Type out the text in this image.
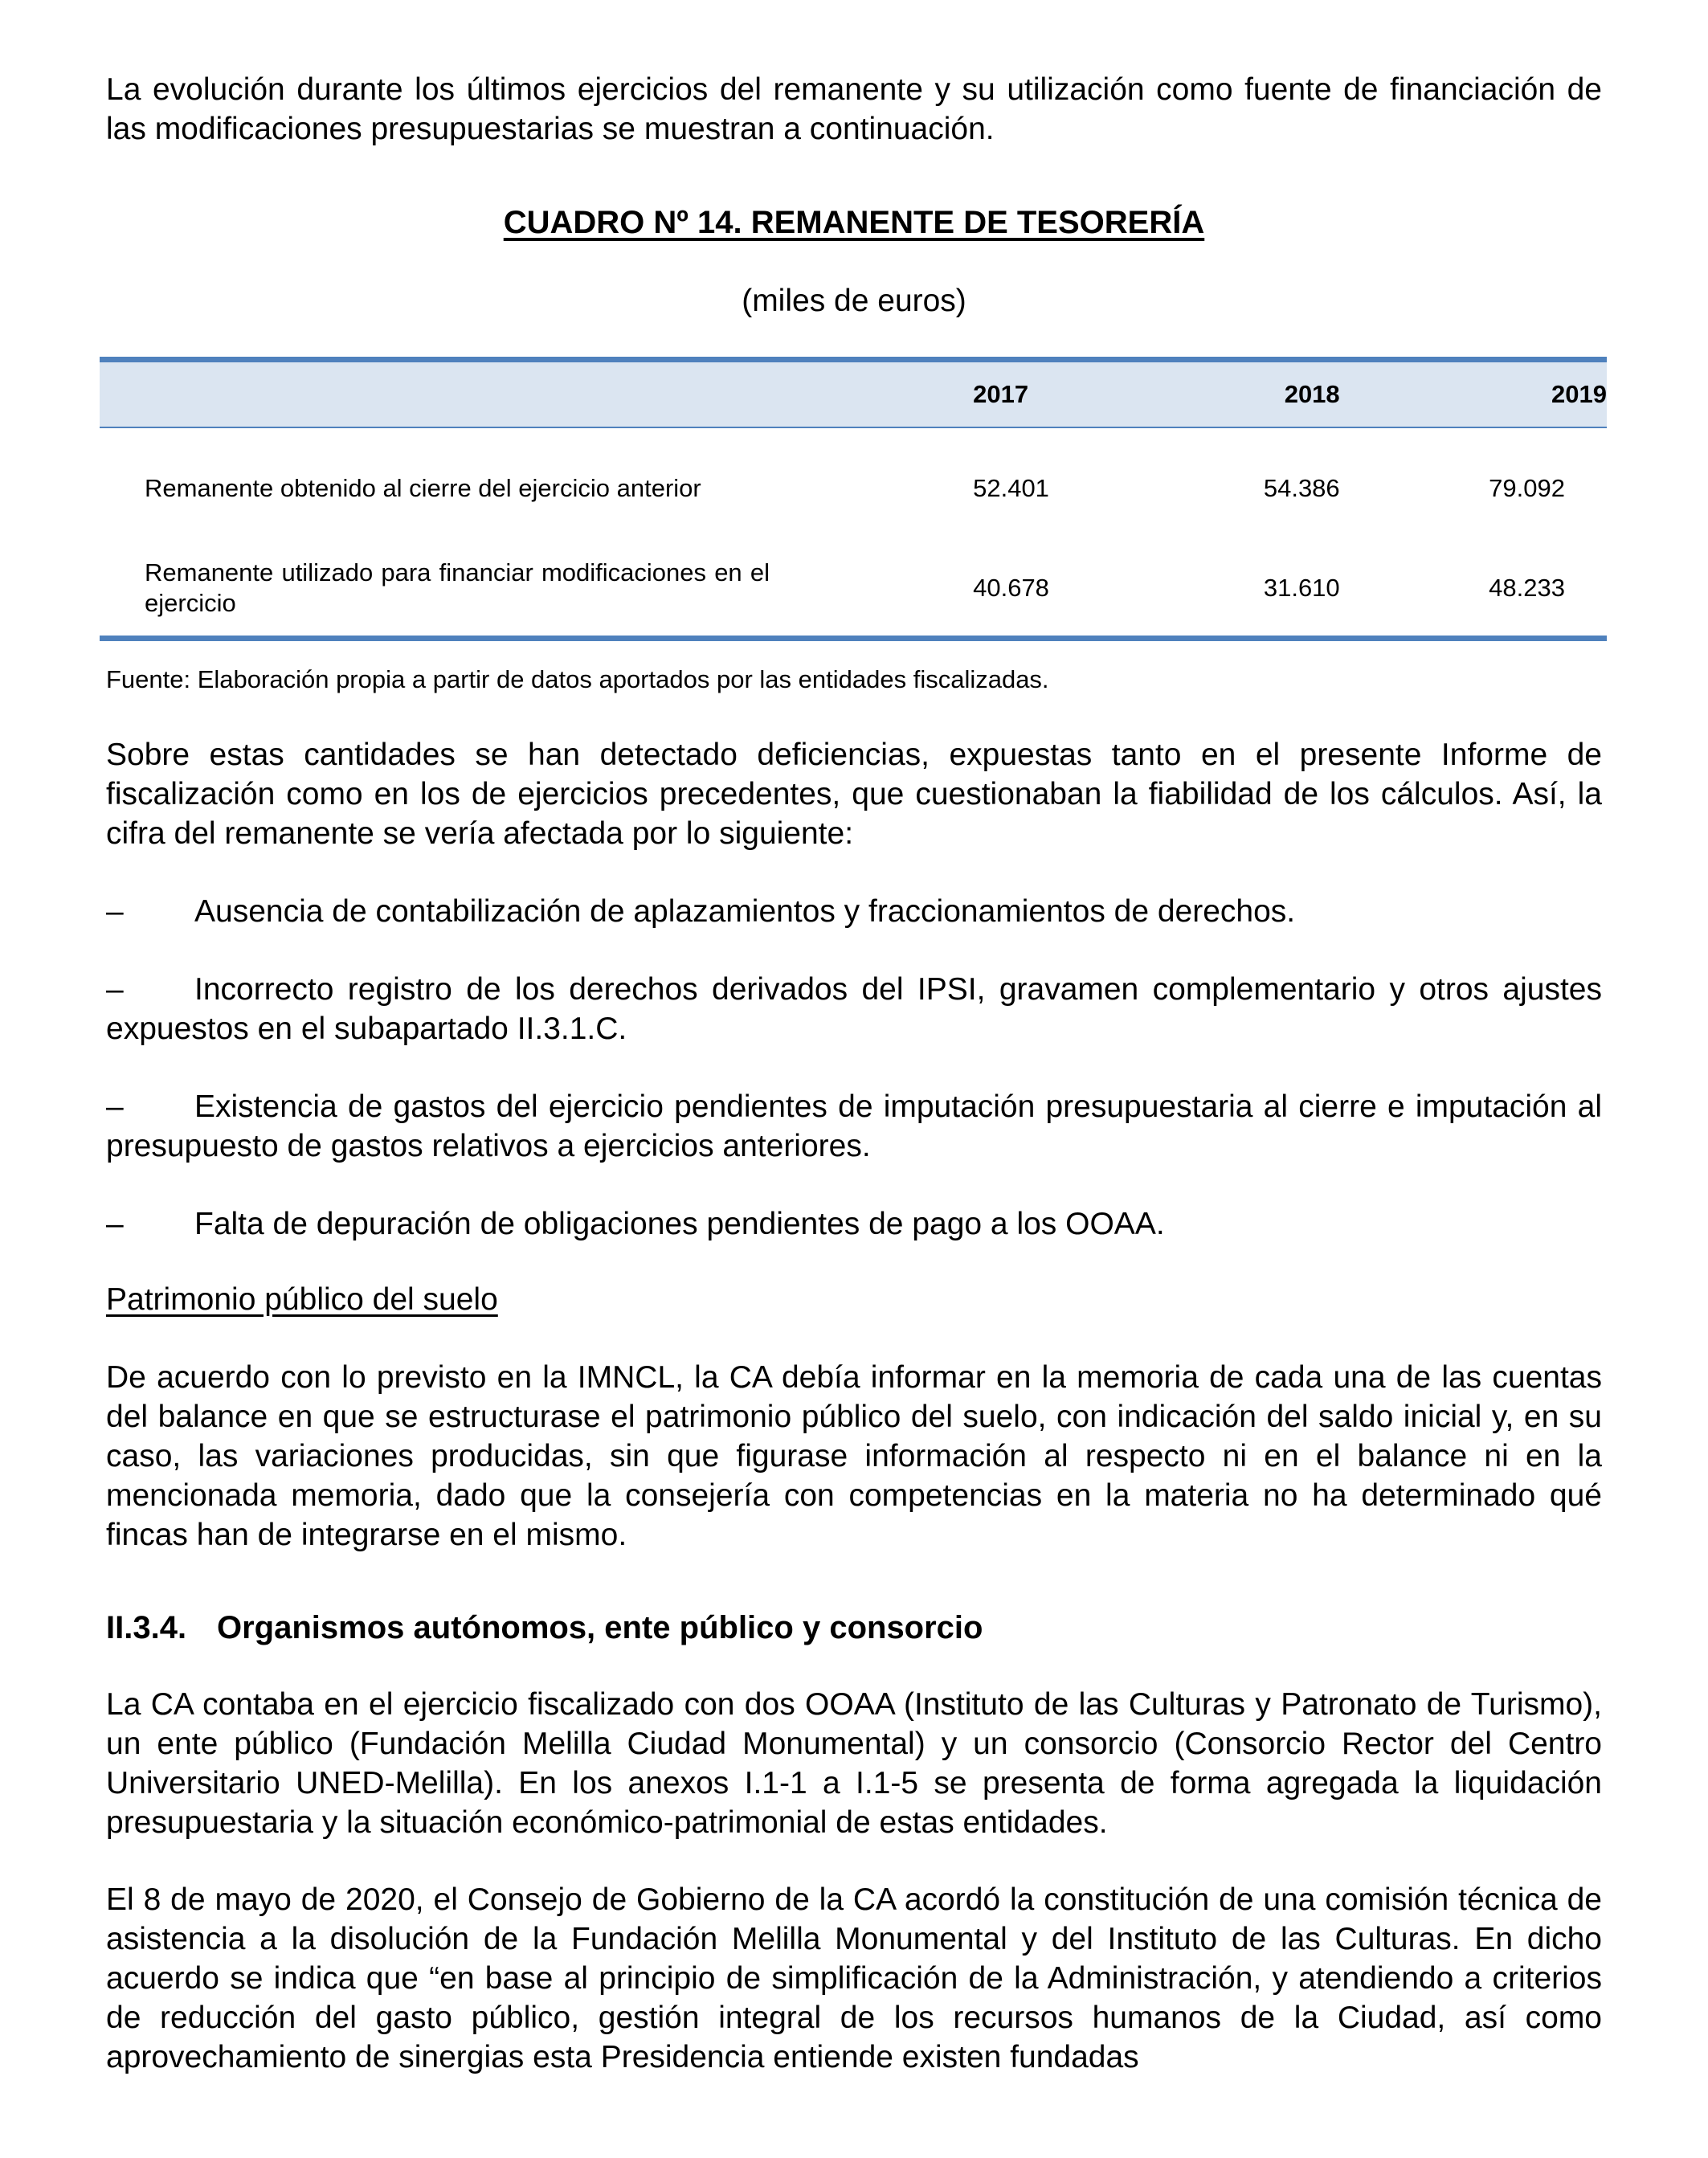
La evolución durante los últimos ejercicios del remanente y su utilización como fuente de financiación de las modificaciones presupuestarias se muestran a continuación.

CUADRO Nº 14. REMANENTE DE TESORERÍA
(miles de euros)

	2017	2018	2019

Remanente obtenido al cierre del ejercicio anterior	52.401	54.386	79.092

Remanente utilizado para financiar modificaciones en el ejercicio	40.678	31.610	48.233

Fuente: Elaboración propia a partir de datos aportados por las entidades fiscalizadas.

Sobre estas cantidades se han detectado deficiencias, expuestas tanto en el presente Informe de fiscalización como en los de ejercicios precedentes, que cuestionaban la fiabilidad de los cálculos. Así, la cifra del remanente se vería afectada por lo siguiente:

– Ausencia de contabilización de aplazamientos y fraccionamientos de derechos.

– Incorrecto registro de los derechos derivados del IPSI, gravamen complementario y otros ajustes expuestos en el subapartado II.3.1.C.

– Existencia de gastos del ejercicio pendientes de imputación presupuestaria al cierre e imputación al presupuesto de gastos relativos a ejercicios anteriores.

– Falta de depuración de obligaciones pendientes de pago a los OOAA.

Patrimonio público del suelo

De acuerdo con lo previsto en la IMNCL, la CA debía informar en la memoria de cada una de las cuentas del balance en que se estructurase el patrimonio público del suelo, con indicación del saldo inicial y, en su caso, las variaciones producidas, sin que figurase información al respecto ni en el balance ni en la mencionada memoria, dado que la consejería con competencias en la materia no ha determinado qué fincas han de integrarse en el mismo.

II.3.4. Organismos autónomos, ente público y consorcio

La CA contaba en el ejercicio fiscalizado con dos OOAA (Instituto de las Culturas y Patronato de Turismo), un ente público (Fundación Melilla Ciudad Monumental) y un consorcio (Consorcio Rector del Centro Universitario UNED-Melilla). En los anexos I.1-1 a I.1-5 se presenta de forma agregada la liquidación presupuestaria y la situación económico-patrimonial de estas entidades.

El 8 de mayo de 2020, el Consejo de Gobierno de la CA acordó la constitución de una comisión técnica de asistencia a la disolución de la Fundación Melilla Monumental y del Instituto de las Culturas. En dicho acuerdo se indica que “en base al principio de simplificación de la Administración, y atendiendo a criterios de reducción del gasto público, gestión integral de los recursos humanos de la Ciudad, así como aprovechamiento de sinergias esta Presidencia entiende existen fundadas
